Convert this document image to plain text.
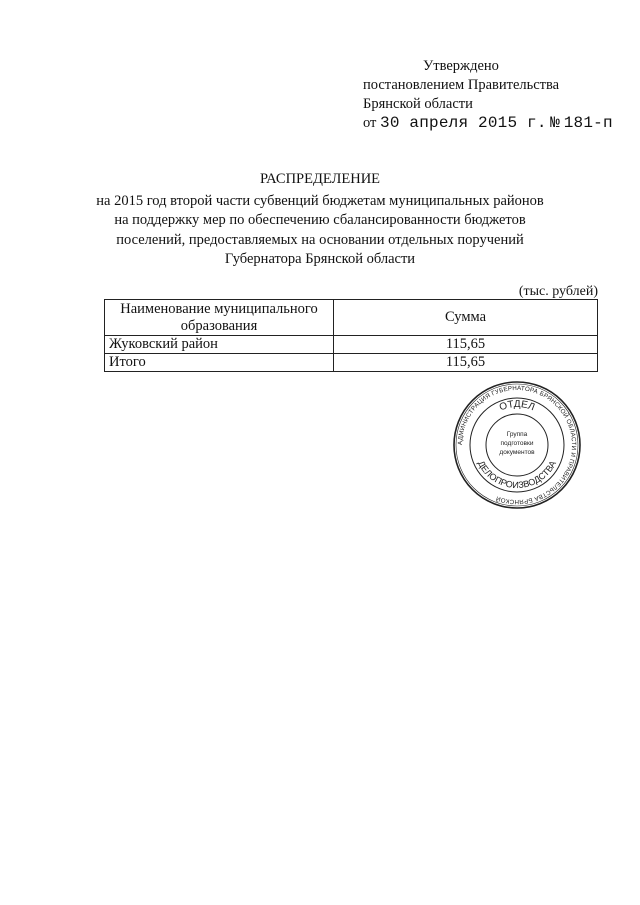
Утверждено
постановлением Правительства
Брянской области
от 30 апреля 2015 г. № 181-п
РАСПРЕДЕЛЕНИЕ
на 2015 год второй части субвенций бюджетам муниципальных районов
на поддержку мер по обеспечению сбалансированности бюджетов
поселений, предоставляемых на основании отдельных поручений
Губернатора Брянской области
(тыс. рублей)
Наименование муниципального образования	Сумма
Жуковский район	115,65
Итого	115,65
АДМИНИСТРАЦИЯ ГУБЕРНАТОРА БРЯНСКОЙ ОБЛАСТИ И ПРАВИТЕЛЬСТВА БРЯНСКОЙ
ОТДЕЛ
ДЕЛОПРОИЗВОДСТВА
Группа подготовки документов
